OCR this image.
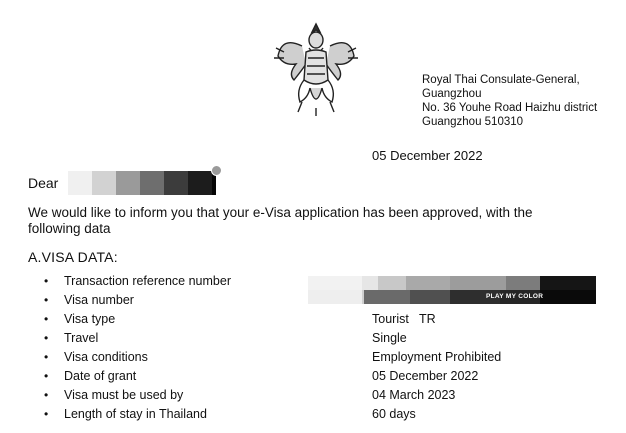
Royal Thai Consulate-General,
Guangzhou
No. 36 Youhe Road Haizhu district
Guangzhou 510310
05 December 2022
Dear
We would like to inform you that your e-Visa application has been approved, with the following data
A.VISA DATA:
• Transaction reference number
• Visa number
• Visa type	Tourist   TR
• Travel	Single
• Visa conditions	Employment Prohibited
• Date of grant	05 December 2022
• Visa must be used by	04 March 2023
• Length of stay in Thailand	60 days
PLAY MY COLOR
